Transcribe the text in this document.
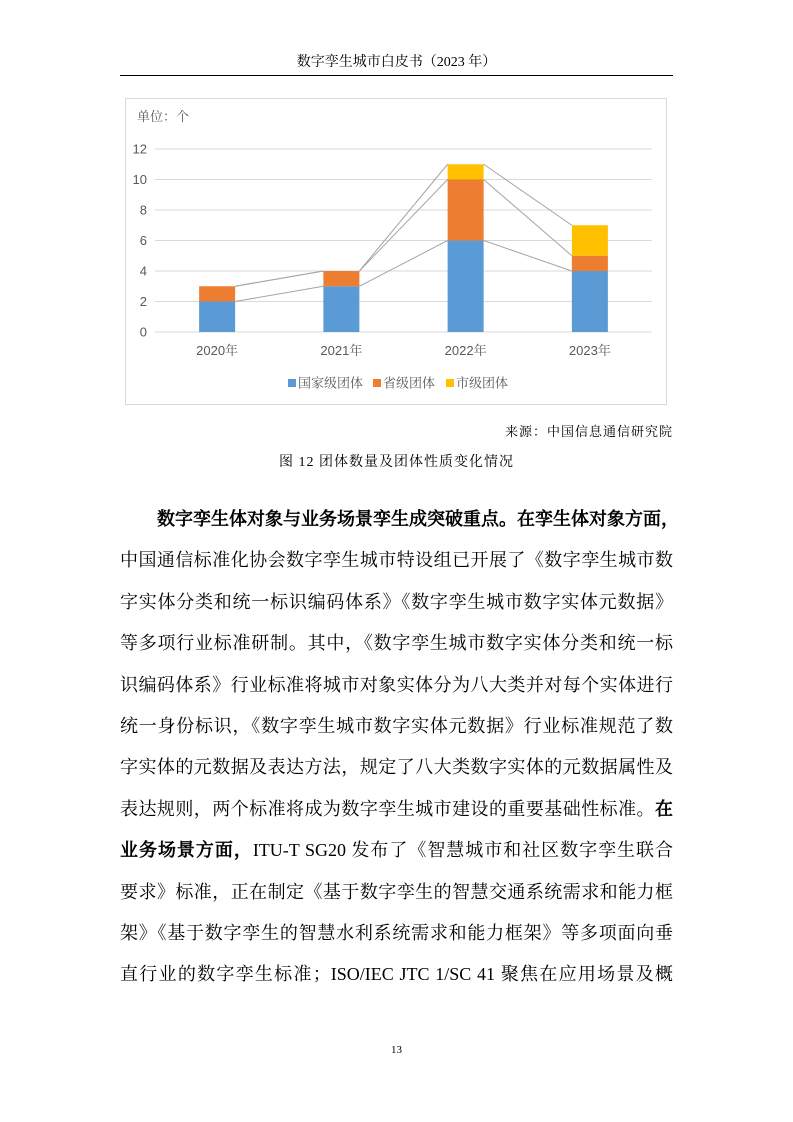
数字孪生城市白皮书（2023 年）
单位：个
0
2
4
6
8
10
12
2020年	2021年	2022年	2023年
国家级团体 省级团体 市级团体
来源：中国信息通信研究院
图 12 团体数量及团体性质变化情况
数字孪生体对象与业务场景孪生成突破重点。在孪生体对象方面，
中国通信标准化协会数字孪生城市特设组已开展了《数字孪生城市数
字实体分类和统一标识编码体系》《数字孪生城市数字实体元数据》
等多项行业标准研制。其中，《数字孪生城市数字实体分类和统一标
识编码体系》行业标准将城市对象实体分为八大类并对每个实体进行
统一身份标识，《数字孪生城市数字实体元数据》行业标准规范了数
字实体的元数据及表达方法，规定了八大类数字实体的元数据属性及
表达规则，两个标准将成为数字孪生城市建设的重要基础性标准。在
业务场景方面，ITU-T SG20 发布了《智慧城市和社区数字孪生联合
要求》标准，正在制定《基于数字孪生的智慧交通系统需求和能力框
架》《基于数字孪生的智慧水利系统需求和能力框架》等多项面向垂
直行业的数字孪生标准；ISO/IEC JTC 1/SC 41 聚焦在应用场景及概
13
